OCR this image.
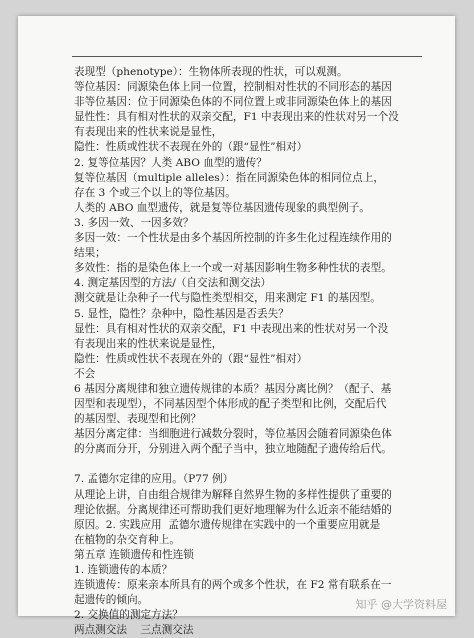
表现型（phenotype）：生物体所表现的性状，可以观测。

等位基因：同源染色体上同一位置，控制相对性状的不同形态的基因

非等位基因：位于同源染色体的不同位置上或非同源染色体上的基因

显性性：具有相对性状的双亲交配，F1 中表现出来的性状对另一个没

有表现出来的性状来说是显性，

隐性：性质或性状不表现在外的（跟“显性”相对）

2. 复等位基因？人类 ABO 血型的遗传？

复等位基因（multiple alleles）：指在同源染色体的相同位点上，

存在 3 个或三个以上的等位基因。

人类的 ABO 血型遗传，就是复等位基因遗传现象的典型例子。

3. 多因一效、一因多效？

多因一效：一个性状是由多个基因所控制的许多生化过程连续作用的

结果；

多效性：指的是染色体上一个或一对基因影响生物多种性状的表型。

4. 测定基因型的方法/（自交法和测交法）

测交就是让杂种子一代与隐性类型相交，用来测定 F1 的基因型。

5. 显性，隐性？杂种中，隐性基因是否丢失？

显性：具有相对性状的双亲交配，F1 中表现出来的性状对另一个没

有表现出来的性状来说是显性，

隐性：性质或性状不表现在外的（跟“显性”相对）

不会

6 基因分离规律和独立遗传规律的本质？基因分离比例？（配子、基

因型和表现型），不同基因型个体形成的配子类型和比例，交配后代

的基因型、表现型和比例？

基因分离定律：当细胞进行减数分裂时，等位基因会随着同源染色体

的分离而分开，分别进入两个配子当中，独立地随配子遗传给后代。

7. 孟德尔定律的应用。（P77 例）

从理论上讲，自由组合规律为解释自然界生物的多样性提供了重要的

理论依据。分离规律还可帮助我们更好地理解为什么近亲不能结婚的

原因。2. 实践应用  孟德尔遗传规律在实践中的一个重要应用就是

在植物的杂交育种上。

第五章 连锁遗传和性连锁

1. 连锁遗传的本质？

连锁遗传：原来亲本所具有的两个或多个性状，在 F2 常有联系在一

起遗传的倾向。

2. 交换值的测定方法？

两点测交法    三点测交法

知乎 @大学资料屋
